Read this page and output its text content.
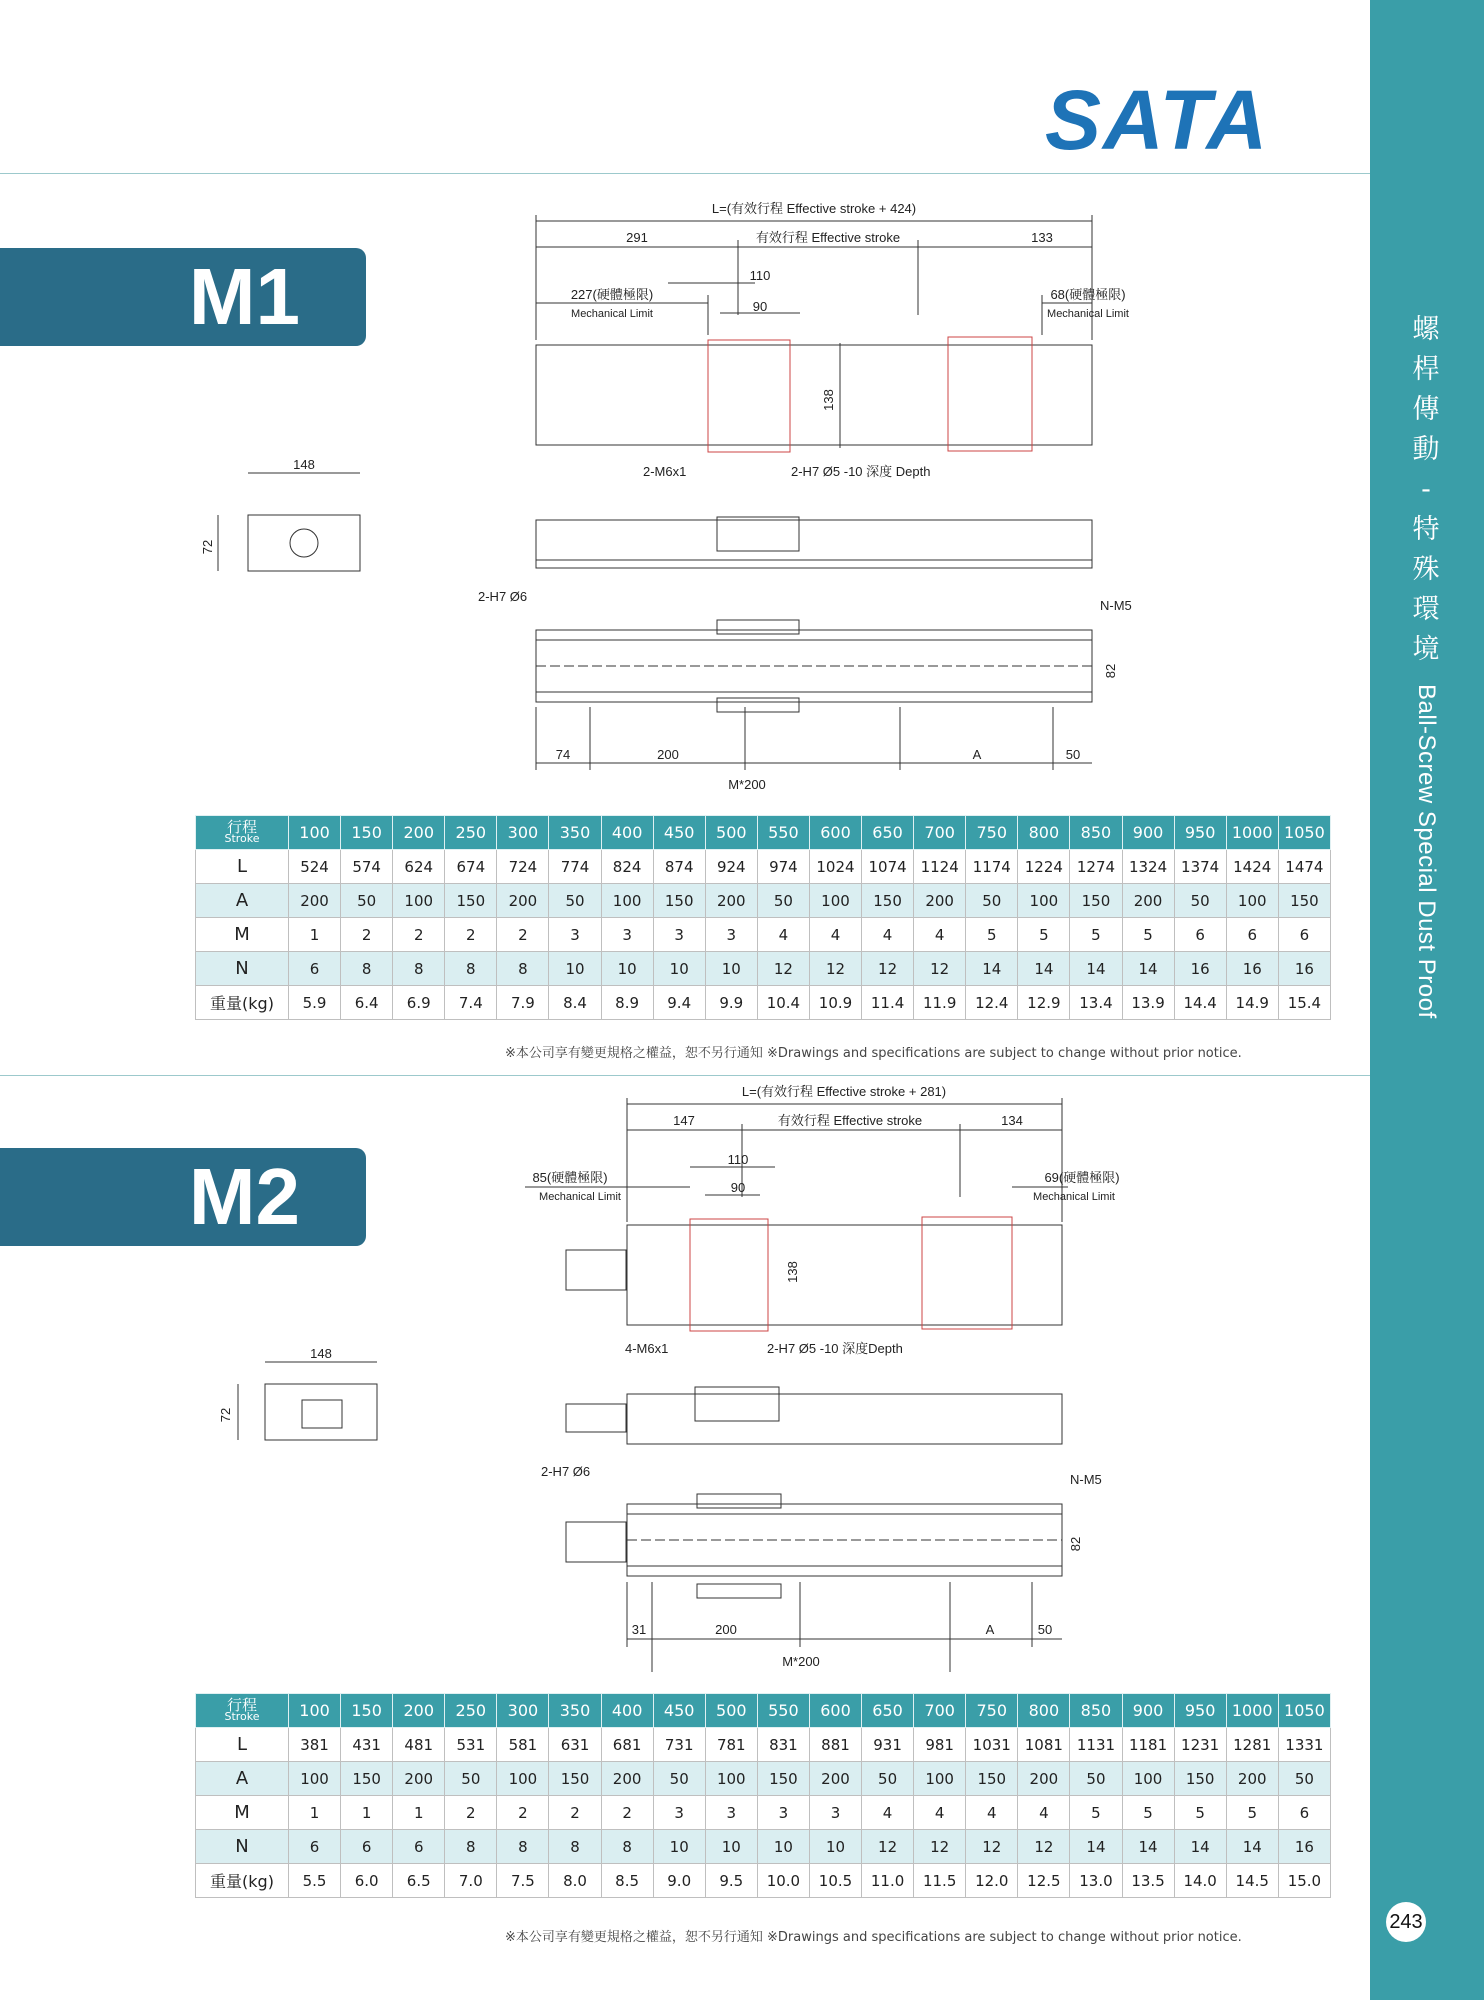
SATA
螺
桿
傳
動
-
特
殊
環
境
Ball-Screw Special Dust Proof
243
M1
L=(有效行程 Effective stroke + 424)
291	有效行程 Effective stroke	133
110
90
227(硬體極限)
Mechanical Limit
68(硬體極限)
Mechanical Limit
138
2-M6x1	2-H7 Ø5 -10 深度 Depth
148
72
2-H7 Ø6
N-M5
82
74	200	A	50
M*200
行程
Stroke	100	150	200	250	300	350	400	450	500	550	600	650	700	750	800	850	900	950	1000	1050
L	524	574	624	674	724	774	824	874	924	974	1024	1074	1124	1174	1224	1274	1324	1374	1424	1474
A	200	50	100	150	200	50	100	150	200	50	100	150	200	50	100	150	200	50	100	150
M	1	2	2	2	2	3	3	3	3	4	4	4	4	5	5	5	5	6	6	6
N	6	8	8	8	8	10	10	10	10	12	12	12	12	14	14	14	14	16	16	16
重量(kg)	5.9	6.4	6.9	7.4	7.9	8.4	8.9	9.4	9.9	10.4	10.9	11.4	11.9	12.4	12.9	13.4	13.9	14.4	14.9	15.4
※本公司享有變更規格之權益，恕不另行通知 ※Drawings and specifications are subject to change without prior notice.
M2
L=(有效行程 Effective stroke + 281)
147	有效行程 Effective stroke	134
110
90
85(硬體極限)
Mechanical Limit
69(硬體極限)
Mechanical Limit
138
4-M6x1	2-H7 Ø5 -10 深度Depth
148
72
2-H7 Ø6
N-M5
82
31	200	A	50
M*200
行程
Stroke	100	150	200	250	300	350	400	450	500	550	600	650	700	750	800	850	900	950	1000	1050
L	381	431	481	531	581	631	681	731	781	831	881	931	981	1031	1081	1131	1181	1231	1281	1331
A	100	150	200	50	100	150	200	50	100	150	200	50	100	150	200	50	100	150	200	50
M	1	1	1	2	2	2	2	3	3	3	3	4	4	4	4	5	5	5	5	6
N	6	6	6	8	8	8	8	10	10	10	10	12	12	12	12	14	14	14	14	16
重量(kg)	5.5	6.0	6.5	7.0	7.5	8.0	8.5	9.0	9.5	10.0	10.5	11.0	11.5	12.0	12.5	13.0	13.5	14.0	14.5	15.0
※本公司享有變更規格之權益，恕不另行通知 ※Drawings and specifications are subject to change without prior notice.
